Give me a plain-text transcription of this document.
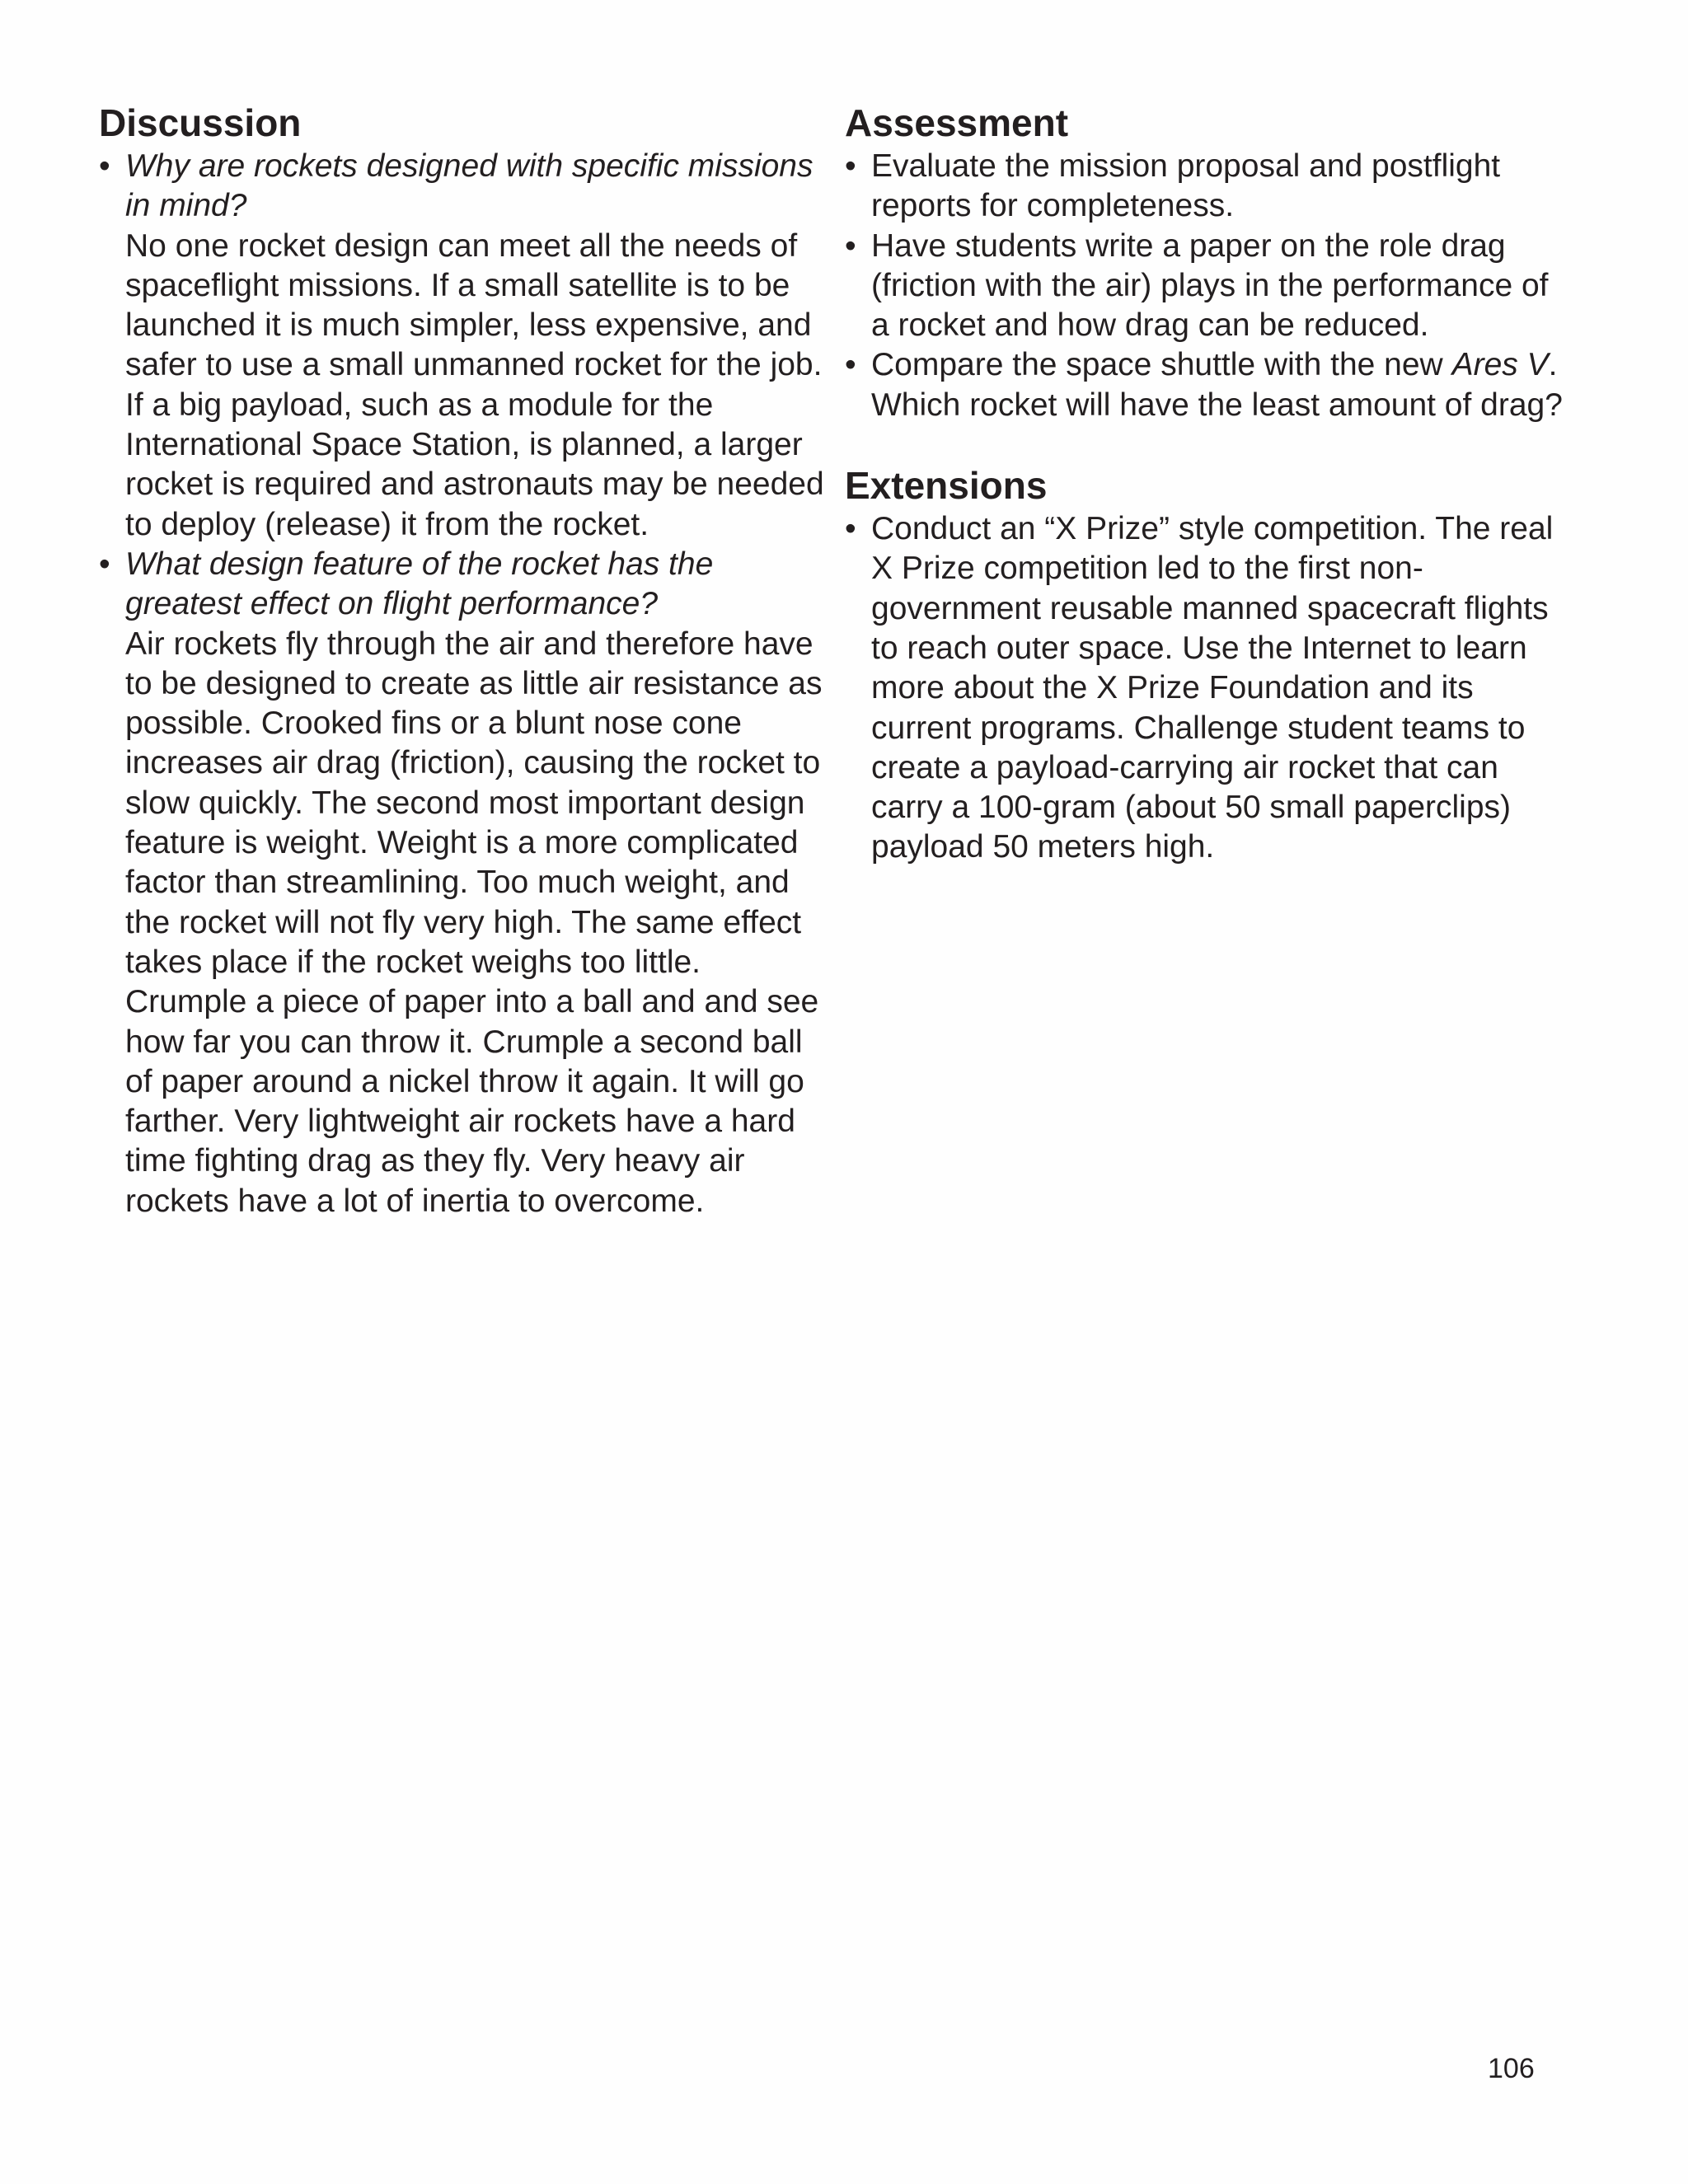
Discussion
• Why are rockets designed with specific missions in mind?
No one rocket design can meet all the needs of spaceflight missions. If a small satellite is to be launched it is much simpler, less expensive, and safer to use a small unmanned rocket for the job. If a big payload, such as a module for the International Space Station, is planned, a larger rocket is required and astronauts may be needed to deploy (release) it from the rocket.
• What design feature of the rocket has the greatest effect on flight performance?
Air rockets fly through the air and therefore have to be designed to create as little air resistance as possible. Crooked fins or a blunt nose cone increases air drag (friction), causing the rocket to slow quickly. The second most important design feature is weight. Weight is a more complicated factor than streamlining. Too much weight, and the rocket will not fly very high. The same effect takes place if the rocket weighs too little. Crumple a piece of paper into a ball and and see how far you can throw it. Crumple a second ball of paper around a nickel throw it again. It will go farther. Very lightweight air rockets have a hard time fighting drag as they fly. Very heavy air rockets have a lot of inertia to overcome.
Assessment
• Evaluate the mission proposal and postflight reports for completeness.
• Have students write a paper on the role drag (friction with the air) plays in the performance of a rocket and how drag can be reduced.
• Compare the space shuttle with the new Ares V. Which rocket will have the least amount of drag?
Extensions
• Conduct an “X Prize” style competition. The real X Prize competition led to the first non-government reusable manned spacecraft flights to reach outer space. Use the Internet to learn more about the X Prize Foundation and its current programs. Challenge student teams to create a payload-carrying air rocket that can carry a 100-gram (about 50 small paperclips) payload 50 meters high.
106
